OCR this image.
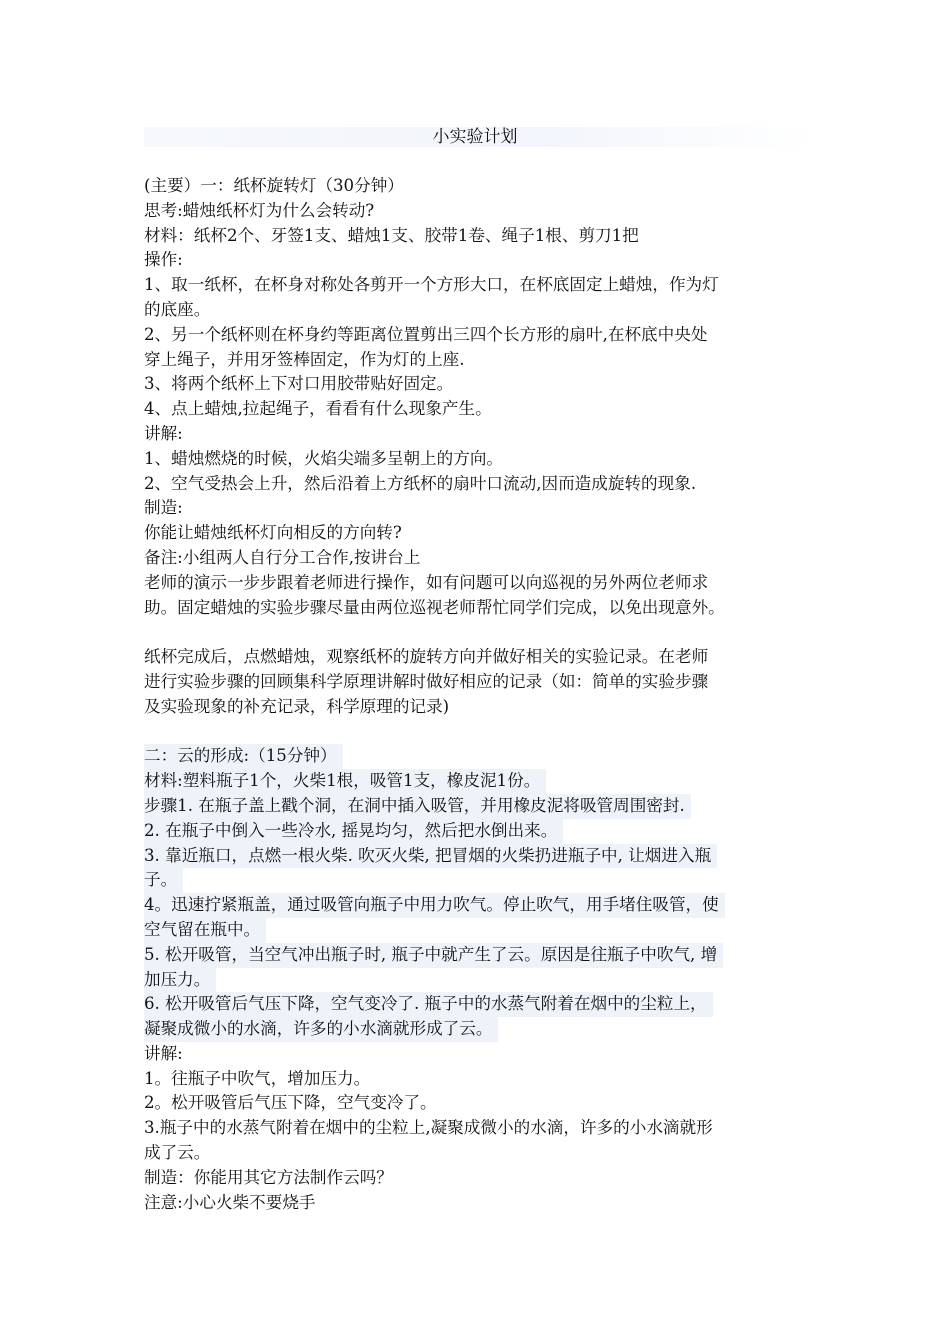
小实验计划
(主要）一：纸杯旋转灯（30分钟）
思考:蜡烛纸杯灯为什么会转动?
材料：纸杯2个、牙签1支、蜡烛1支、胶带1卷、绳子1根、剪刀1把
操作:
1、取一纸杯，在杯身对称处各剪开一个方形大口，在杯底固定上蜡烛，作为灯
的底座。
2、另一个纸杯则在杯身约等距离位置剪出三四个长方形的扇叶,在杯底中央处
穿上绳子，并用牙签棒固定，作为灯的上座.
3、将两个纸杯上下对口用胶带贴好固定。
4、点上蜡烛,拉起绳子，看看有什么现象产生。
讲解:
1、蜡烛燃烧的时候，火焰尖端多呈朝上的方向。
2、空气受热会上升，然后沿着上方纸杯的扇叶口流动,因而造成旋转的现象.
制造:
你能让蜡烛纸杯灯向相反的方向转?
备注:小组两人自行分工合作,按讲台上
老师的演示一步步跟着老师进行操作，如有问题可以向巡视的另外两位老师求
助。固定蜡烛的实验步骤尽量由两位巡视老师帮忙同学们完成，以免出现意外。
纸杯完成后，点燃蜡烛，观察纸杯的旋转方向并做好相关的实验记录。在老师
进行实验步骤的回顾集科学原理讲解时做好相应的记录（如：简单的实验步骤
及实验现象的补充记录，科学原理的记录)
二：云的形成:（15分钟）
材料:塑料瓶子1个，火柴1根，吸管1支，橡皮泥1份。
步骤1. 在瓶子盖上戳个洞，在洞中插入吸管，并用橡皮泥将吸管周围密封.
2. 在瓶子中倒入一些冷水, 摇晃均匀，然后把水倒出来。
3. 靠近瓶口，点燃一根火柴. 吹灭火柴, 把冒烟的火柴扔进瓶子中, 让烟进入瓶
子。
4。迅速拧紧瓶盖，通过吸管向瓶子中用力吹气。停止吹气，用手堵住吸管，使
空气留在瓶中。
5. 松开吸管，当空气冲出瓶子时, 瓶子中就产生了云。原因是往瓶子中吹气, 增
加压力。
6. 松开吸管后气压下降，空气变冷了. 瓶子中的水蒸气附着在烟中的尘粒上，
凝聚成微小的水滴，许多的小水滴就形成了云。
讲解:
1。往瓶子中吹气，增加压力。
2。松开吸管后气压下降，空气变冷了。
3.瓶子中的水蒸气附着在烟中的尘粒上,凝聚成微小的水滴，许多的小水滴就形
成了云。
制造：你能用其它方法制作云吗？
注意:小心火柴不要烧手
